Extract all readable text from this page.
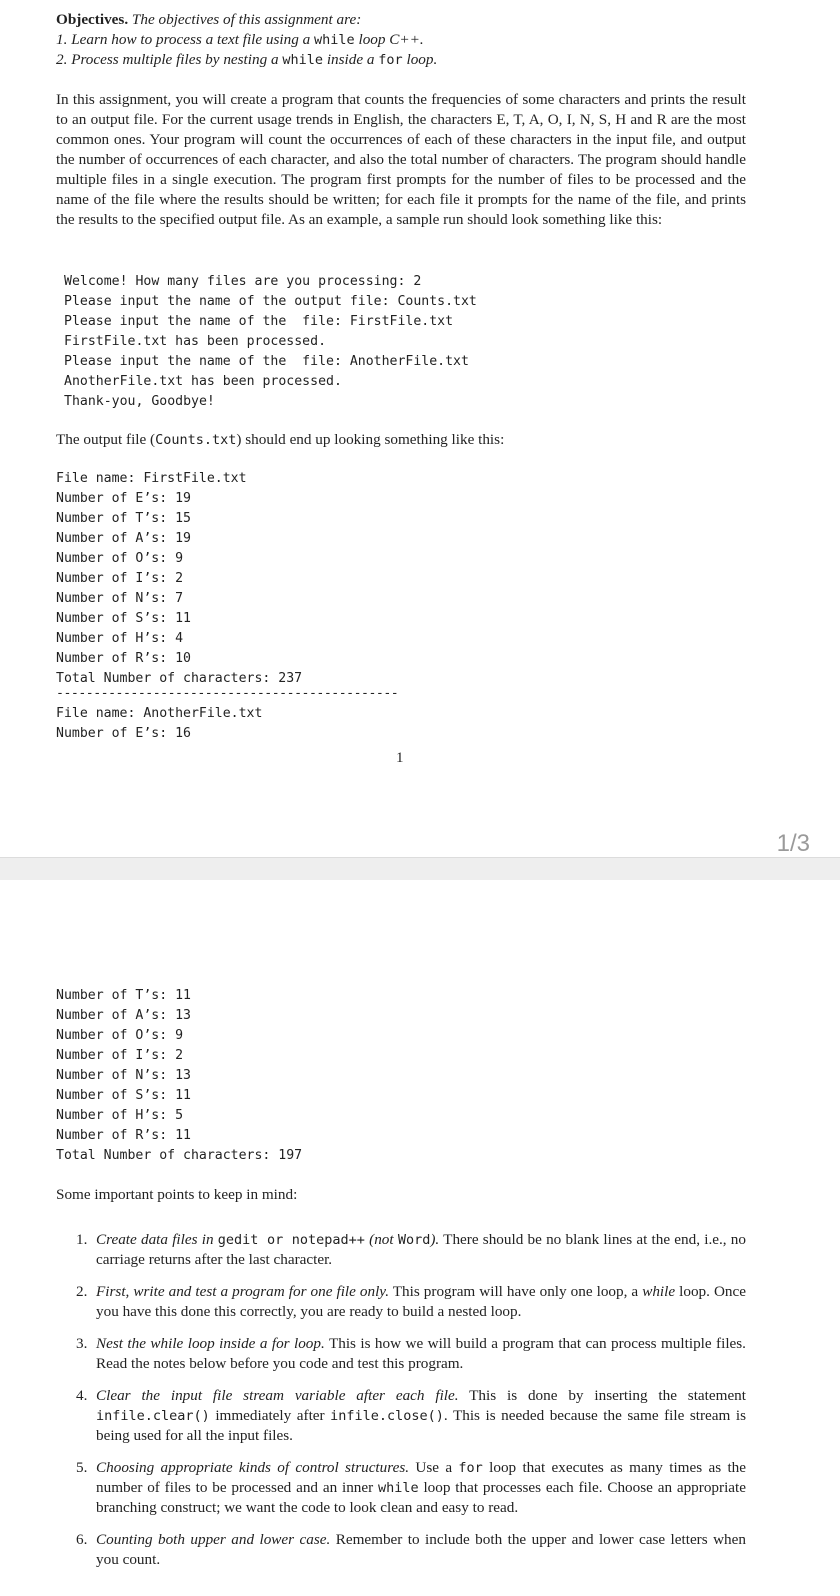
Objectives. The objectives of this assignment are:
1. Learn how to process a text file using a while loop C++.
2. Process multiple files by nesting a while inside a for loop.
In this assignment, you will create a program that counts the frequencies of some characters and prints the result to an output file. For the current usage trends in English, the characters E, T, A, O, I, N, S, H and R are the most common ones. Your program will count the occurrences of each of these characters in the input file, and output the number of occurrences of each character, and also the total number of characters. The program should handle multiple files in a single execution. The program first prompts for the number of files to be processed and the name of the file where the results should be written; for each file it prompts for the name of the file, and prints the results to the specified output file. As an example, a sample run should look something like this:
Welcome! How many files are you processing: 2
Please input the name of the output file: Counts.txt
Please input the name of the  file: FirstFile.txt
FirstFile.txt has been processed.
Please input the name of the  file: AnotherFile.txt
AnotherFile.txt has been processed.
Thank-you, Goodbye!
The output file (Counts.txt) should end up looking something like this:
File name: FirstFile.txt
Number of E’s: 19
Number of T’s: 15
Number of A’s: 19
Number of O’s: 9
Number of I’s: 2
Number of N’s: 7
Number of S’s: 11
Number of H’s: 4
Number of R’s: 10
Total Number of characters: 237
----------------------------------------------
File name: AnotherFile.txt
Number of E’s: 16
1
1/3
Number of T’s: 11
Number of A’s: 13
Number of O’s: 9
Number of I’s: 2
Number of N’s: 13
Number of S’s: 11
Number of H’s: 5
Number of R’s: 11
Total Number of characters: 197
Some important points to keep in mind:
1. Create data files in gedit or notepad++ (not Word). There should be no blank lines at the end, i.e., no carriage returns after the last character.
2. First, write and test a program for one file only. This program will have only one loop, a while loop. Once you have this done this correctly, you are ready to build a nested loop.
3. Nest the while loop inside a for loop. This is how we will build a program that can process multiple files. Read the notes below before you code and test this program.
4. Clear the input file stream variable after each file. This is done by inserting the statement infile.clear() immediately after infile.close(). This is needed because the same file stream is being used for all the input files.
5. Choosing appropriate kinds of control structures. Use a for loop that executes as many times as the number of files to be processed and an inner while loop that processes each file. Choose an appropriate branching construct; we want the code to look clean and easy to read.
6. Counting both upper and lower case. Remember to include both the upper and lower case letters when you count.
